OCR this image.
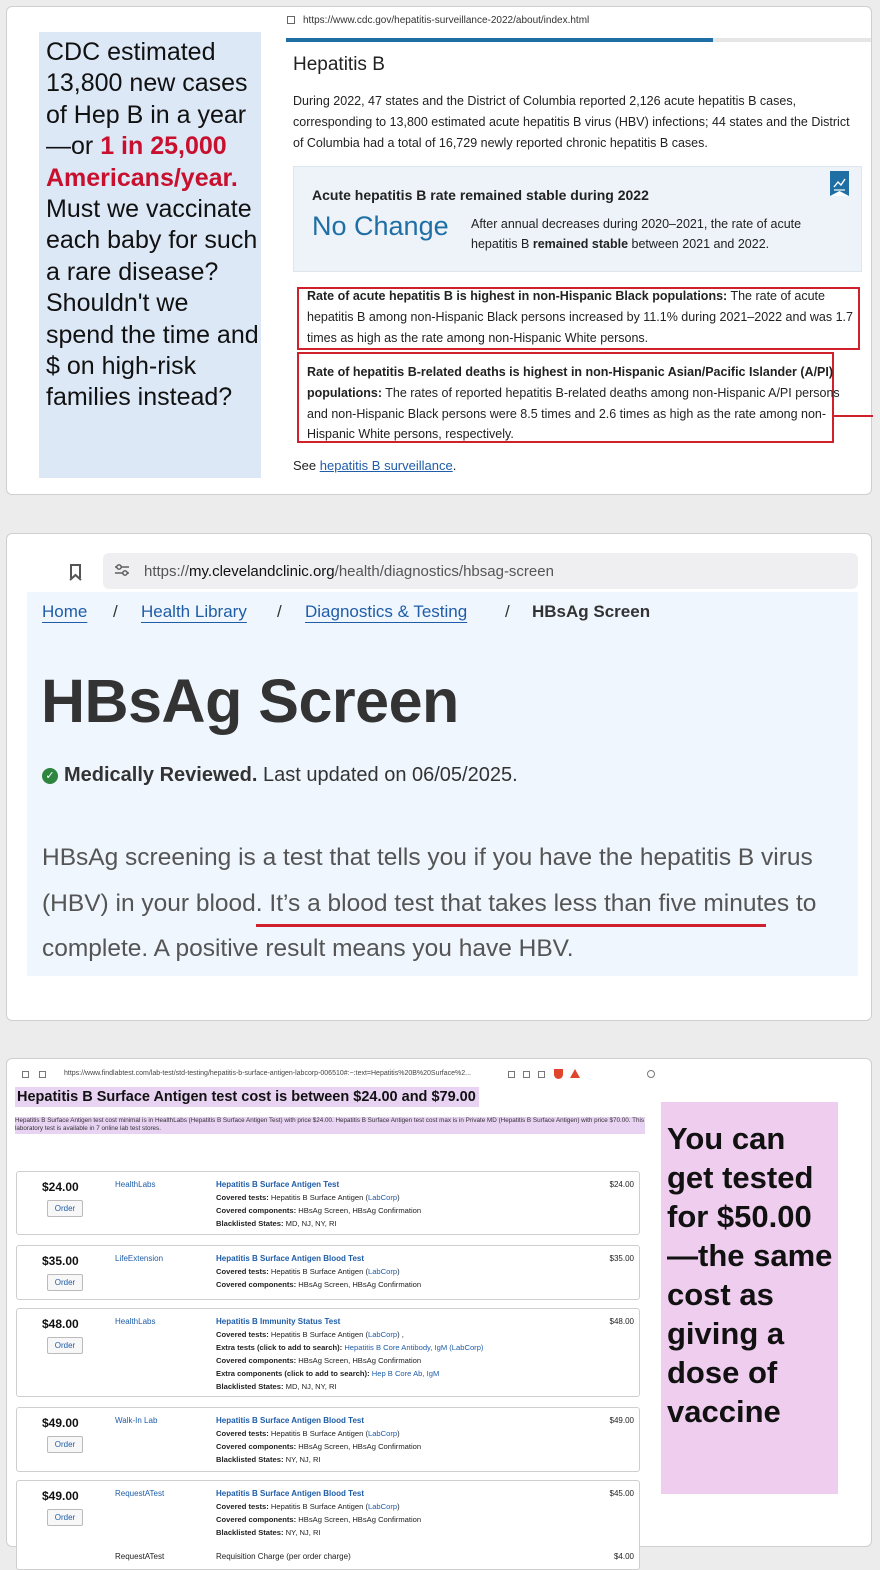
CDC estimated 13,800 new cases of Hep B in a year—or 1 in 25,000 Americans/year. Must we vaccinate each baby for such a rare disease? Shouldn't we spend the time and $ on high-risk families instead?
https://www.cdc.gov/hepatitis-surveillance-2022/about/index.html
Hepatitis B
During 2022, 47 states and the District of Columbia reported 2,126 acute hepatitis B cases, corresponding to 13,800 estimated acute hepatitis B virus (HBV) infections; 44 states and the District of Columbia had a total of 16,729 newly reported chronic hepatitis B cases.
Acute hepatitis B rate remained stable during 2022
No Change After annual decreases during 2020–2021, the rate of acute hepatitis B remained stable between 2021 and 2022.
Rate of acute hepatitis B is highest in non-Hispanic Black populations: The rate of acute hepatitis B among non-Hispanic Black persons increased by 11.1% during 2021–2022 and was 1.7 times as high as the rate among non-Hispanic White persons.
Rate of hepatitis B-related deaths is highest in non-Hispanic Asian/Pacific Islander (A/PI) populations: The rates of reported hepatitis B-related deaths among non-Hispanic A/PI persons and non-Hispanic Black persons were 8.5 times and 2.6 times as high as the rate among non-Hispanic White persons, respectively.
See hepatitis B surveillance.
https://my.clevelandclinic.org/health/diagnostics/hbsag-screen
Home / Health Library / Diagnostics & Testing / HBsAg Screen
HBsAg Screen
✓ Medically Reviewed. Last updated on 06/05/2025.
HBsAg screening is a test that tells you if you have the hepatitis B virus (HBV) in your blood. It’s a blood test that takes less than five minutes to complete. A positive result means you have HBV.
https://www.findlabtest.com/lab-test/std-testing/hepatitis-b-surface-antigen-labcorp-006510#:~:text=Hepatitis%20B%20Surface%2...
Hepatitis B Surface Antigen test cost is between $24.00 and $79.00
Hepatitis B Surface Antigen test cost minimal is in HealthLabs (Hepatitis B Surface Antigen Test) with price $24.00. Hepatitis B Surface Antigen test cost max is in Private MD (Hepatitis B Surface Antigen) with price $70.00. This laboratory test is available in 7 online lab test stores.
$24.00
Order
HealthLabs	Hepatitis B Surface Antigen Test	$24.00
Covered tests: Hepatitis B Surface Antigen (LabCorp)
Covered components: HBsAg Screen, HBsAg Confirmation
Blacklisted States: MD, NJ, NY, RI
$35.00
Order
LifeExtension	Hepatitis B Surface Antigen Blood Test	$35.00
Covered tests: Hepatitis B Surface Antigen (LabCorp)
Covered components: HBsAg Screen, HBsAg Confirmation
$48.00
Order
HealthLabs	Hepatitis B Immunity Status Test	$48.00
Covered tests: Hepatitis B Surface Antigen (LabCorp) ,
Extra tests (click to add to search): Hepatitis B Core Antibody, IgM (LabCorp)
Covered components: HBsAg Screen, HBsAg Confirmation
Extra components (click to add to search): Hep B Core Ab, IgM
Blacklisted States: MD, NJ, NY, RI
$49.00
Order
Walk-In Lab	Hepatitis B Surface Antigen Blood Test	$49.00
Covered tests: Hepatitis B Surface Antigen (LabCorp)
Covered components: HBsAg Screen, HBsAg Confirmation
Blacklisted States: NY, NJ, RI
$49.00
Order
RequestATest	Hepatitis B Surface Antigen Blood Test	$45.00
Covered tests: Hepatitis B Surface Antigen (LabCorp)
Covered components: HBsAg Screen, HBsAg Confirmation
Blacklisted States: NY, NJ, RI
RequestATest	Requisition Charge (per order charge)	$4.00
You can get tested for $50.00—the same cost as giving a dose of vaccine
